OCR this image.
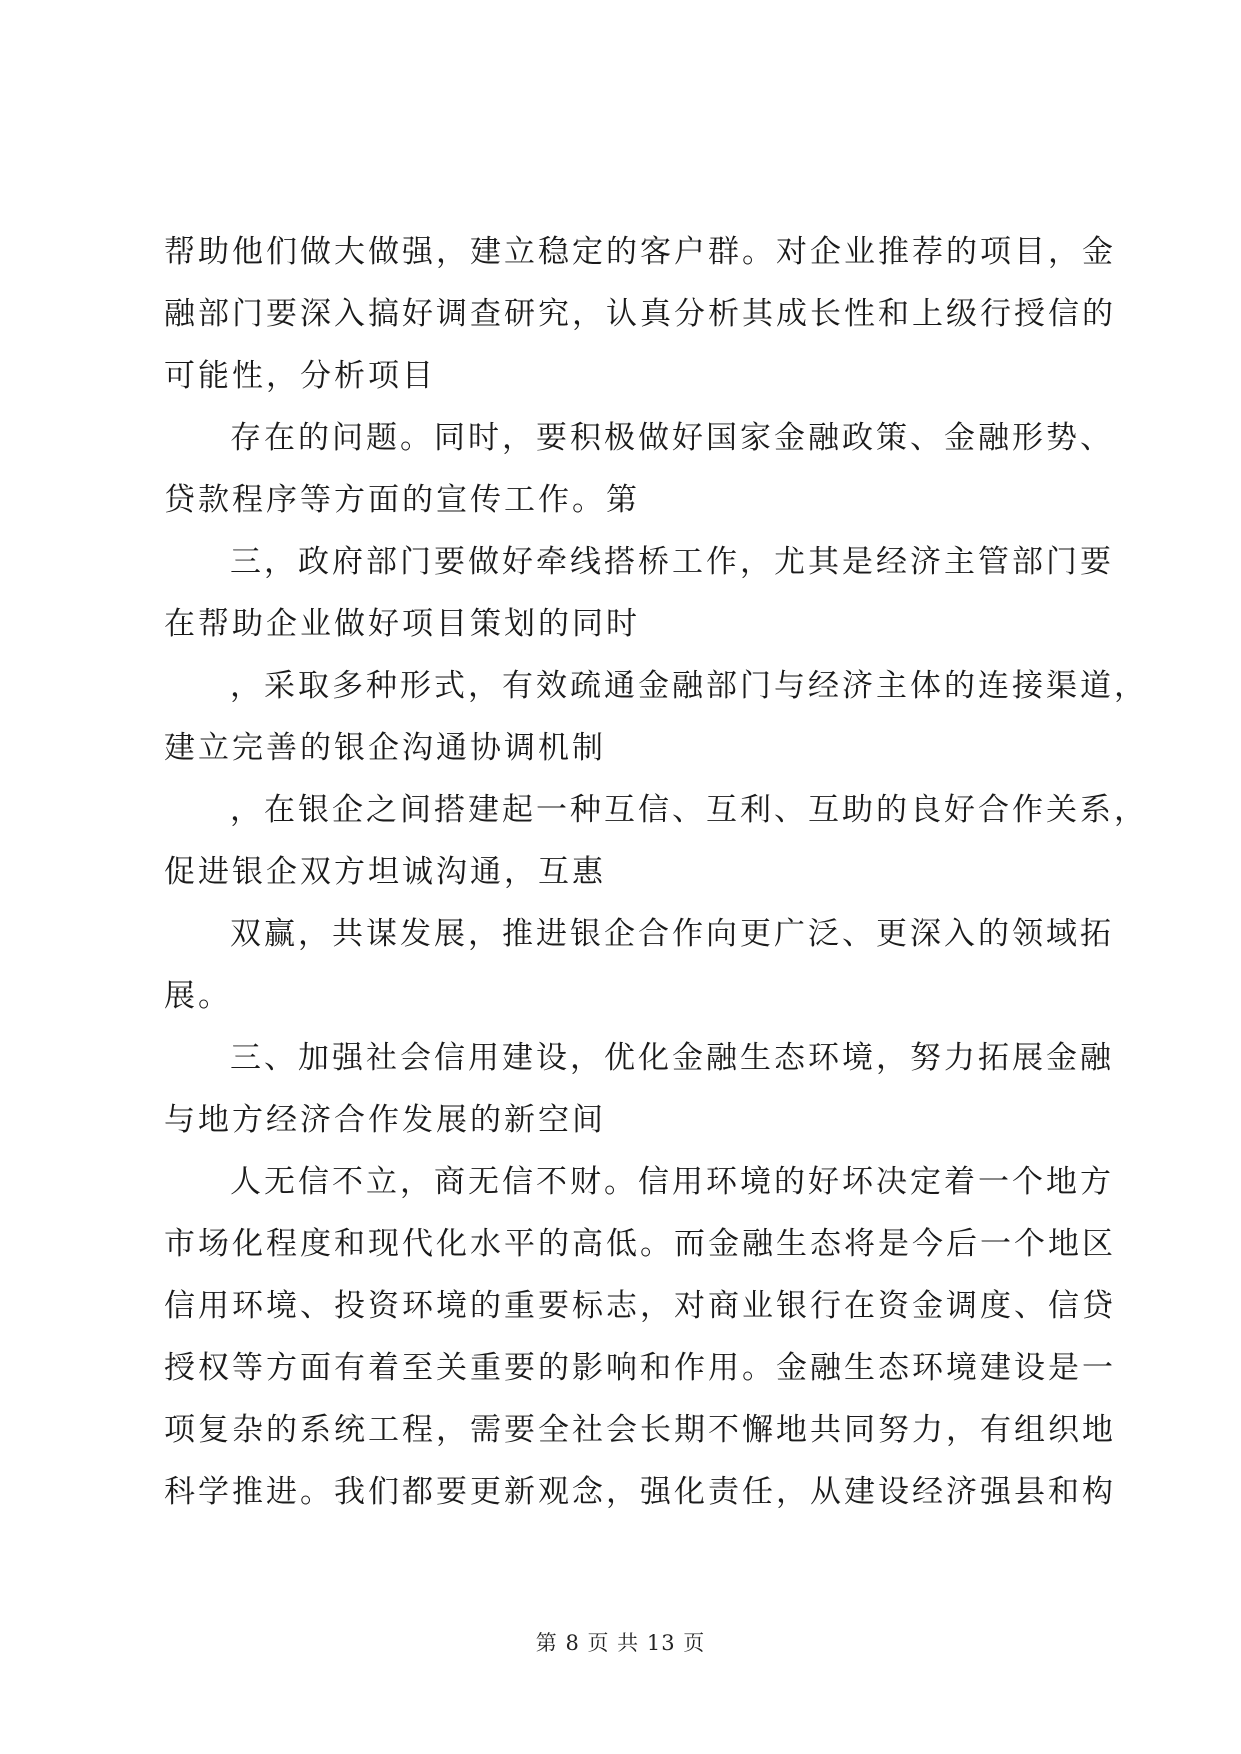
帮助他们做大做强，建立稳定的客户群。对企业推荐的项目，金
融部门要深入搞好调查研究，认真分析其成长性和上级行授信的
可能性，分析项目
存在的问题。同时，要积极做好国家金融政策、金融形势、
贷款程序等方面的宣传工作。第
三，政府部门要做好牵线搭桥工作，尤其是经济主管部门要
在帮助企业做好项目策划的同时
，采取多种形式，有效疏通金融部门与经济主体的连接渠道，
建立完善的银企沟通协调机制
，在银企之间搭建起一种互信、互利、互助的良好合作关系，
促进银企双方坦诚沟通，互惠
双赢，共谋发展，推进银企合作向更广泛、更深入的领域拓
展。
三、加强社会信用建设，优化金融生态环境，努力拓展金融
与地方经济合作发展的新空间
人无信不立，商无信不财。信用环境的好坏决定着一个地方
市场化程度和现代化水平的高低。而金融生态将是今后一个地区
信用环境、投资环境的重要标志，对商业银行在资金调度、信贷
授权等方面有着至关重要的影响和作用。金融生态环境建设是一
项复杂的系统工程，需要全社会长期不懈地共同努力，有组织地
科学推进。我们都要更新观念，强化责任，从建设经济强县和构
第 8 页 共 13 页
